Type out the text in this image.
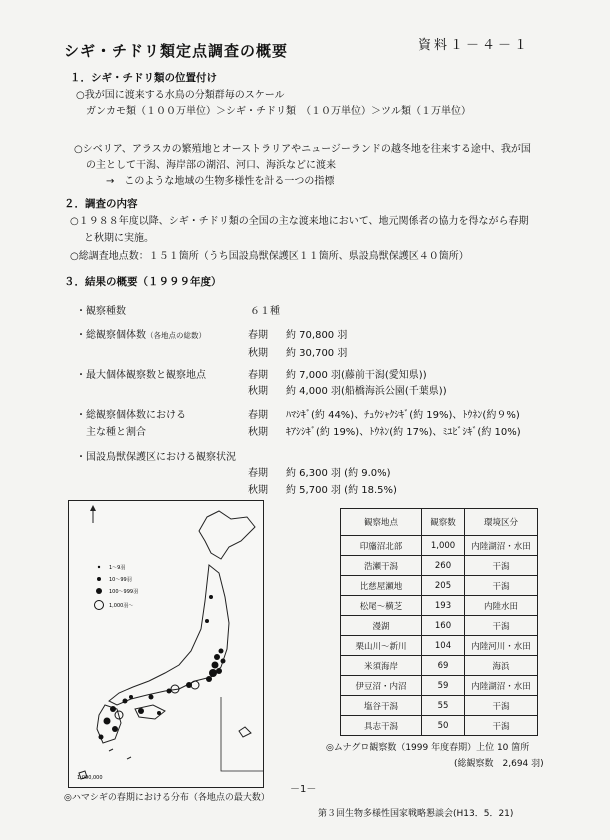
資料１－４－１
シギ・チドリ類定点調査の概要
１．シギ・チドリ類の位置付け
○我が国に渡来する水鳥の分類群毎のスケール
ガンカモ類（１００万単位）＞シギ・チドリ類　（１０万単位）＞ツル類（１万単位）
○シベリア、アラスカの繁殖地とオーストラリアやニュージーランドの越冬地を往来する途中、我が国
の主として干潟、海岸部の湖沼、河口、海浜などに渡来
→　このような地域の生物多様性を計る一つの指標
２．調査の内容
○１９８８年度以降、シギ・チドリ類の全国の主な渡来地において、地元関係者の協力を得ながら春期
と秋期に実施。
○総調査地点数：１５１箇所（うち国設鳥獣保護区１１箇所、県設鳥獣保護区４０箇所）
３．結果の概要（１９９９年度）
・観察種数	６１種
・総観察個体数（各地点の総数）	春期 約 70,800 羽
秋期 約 30,700 羽
・最大個体観察数と観察地点	春期 約 7,000 羽(藤前干潟(愛知県))
秋期 約 4,000 羽(船橋海浜公園(千葉県))
・総観察個体数における
主な種と割合
春期 ﾊﾏｼｷﾞ(約 44%)、ﾁｭｳｼｬｸｼｷﾞ(約 19%)、ﾄｳﾈﾝ(約９%)
秋期 ｷｱｼｼｷﾞ(約 19%)、ﾄｳﾈﾝ(約 17%)、ﾐﾕﾋﾞｼｷﾞ(約 10%)
・国設鳥獣保護区における観察状況
春期 約 6,300 羽 (約 9.0%)
秋期 約 5,700 羽 (約 18.5%)
1～9羽
10～99羽
100～999羽
1,000羽～
1:000,000
◎ハマシギの春期における分布（各地点の最大数）
観察地点	観察数	環境区分
印旛沼北部	1,000	内陸湖沼・水田
浩瀬干潟	260	干潟
比慈屋瀬地	205	干潟
松尾～横芝	193	内陸水田
漫湖	160	干潟
栗山川～新川	104	内陸河川・水田
米須海岸	69	海浜
伊豆沼・内沼	59	内陸湖沼・水田
塩谷干潟	55	干潟
具志干潟	50	干潟
◎ムナグロ観察数（1999 年度春期）上位 10 箇所
(総観察数　2,694 羽)
－1－
第３回生物多様性国家戦略懇談会(H13．5．21)
